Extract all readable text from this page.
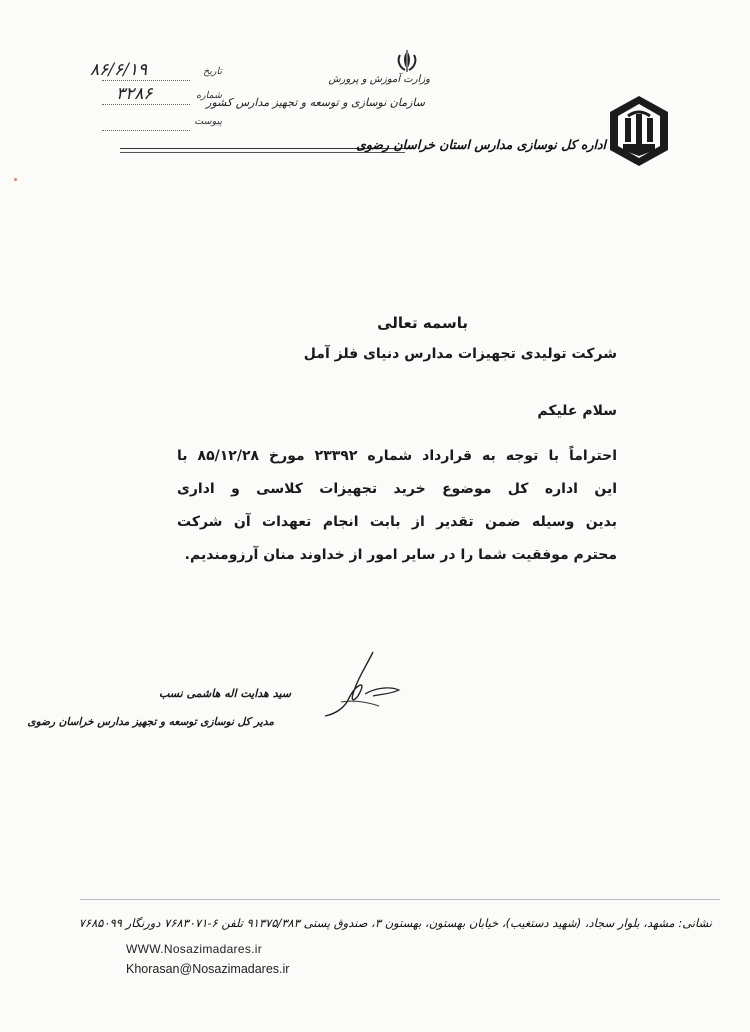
وزارت آموزش و پرورش
سازمان نوسازی و توسعه و تجهیز مدارس کشور
اداره کل نوسازی مدارس استان خراسان رضوی
تاریخ
۸۶/۶/۱۹
شماره
۳۲۸۶
پیوست
باسمه تعالی
شرکت تولیدی تجهیزات مدارس دنیای فلز آمل
سلام علیکم
احتراماً با توجه به قرارداد شماره ۲۳۳۹۲ مورخ ۸۵/۱۲/۲۸ با
این اداره کل موضوع خرید تجهیزات کلاسی و اداری
بدین وسیله ضمن تقدیر از بابت انجام تعهدات آن شرکت
محترم موفقیت شما را در سایر امور از خداوند منان آرزومندیم.
سید هدایت اله هاشمی نسب
مدیر کل نوسازی توسعه و تجهیز مدارس خراسان رضوی
نشانی: مشهد، بلوار سجاد، (شهید دستغیب)، خیابان بهستون، بهستون ۳، صندوق پستی ۹۱۳۷۵/۳۸۳ تلفن ۶-۷۶۸۳۰۷۱ دورنگار ۷۶۸۵۰۹۹
WWW.Nosazimadares.ir
Khorasan@Nosazimadares.ir
